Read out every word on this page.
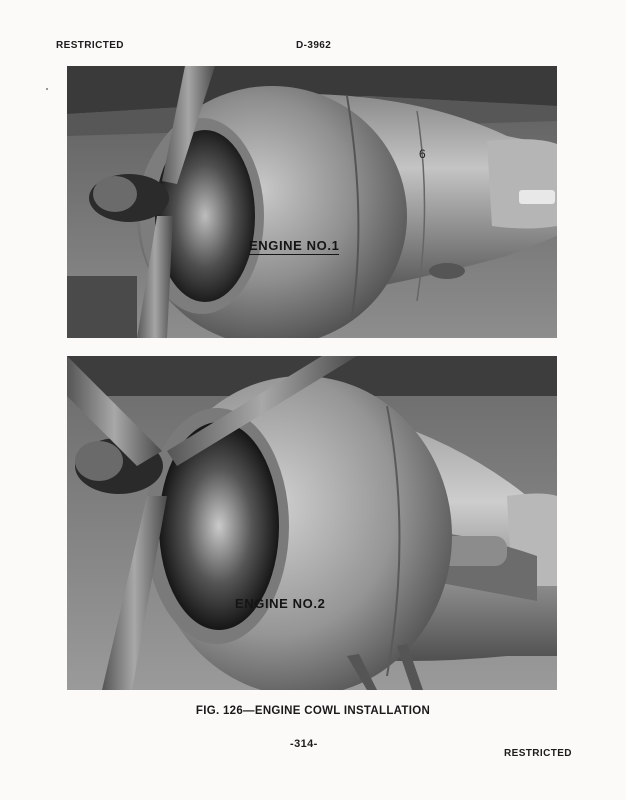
RESTRICTED	D-3962
6
ENGINE NO.1
ENGINE NO.2
FIG. 126—ENGINE COWL INSTALLATION
-314-
RESTRICTED
